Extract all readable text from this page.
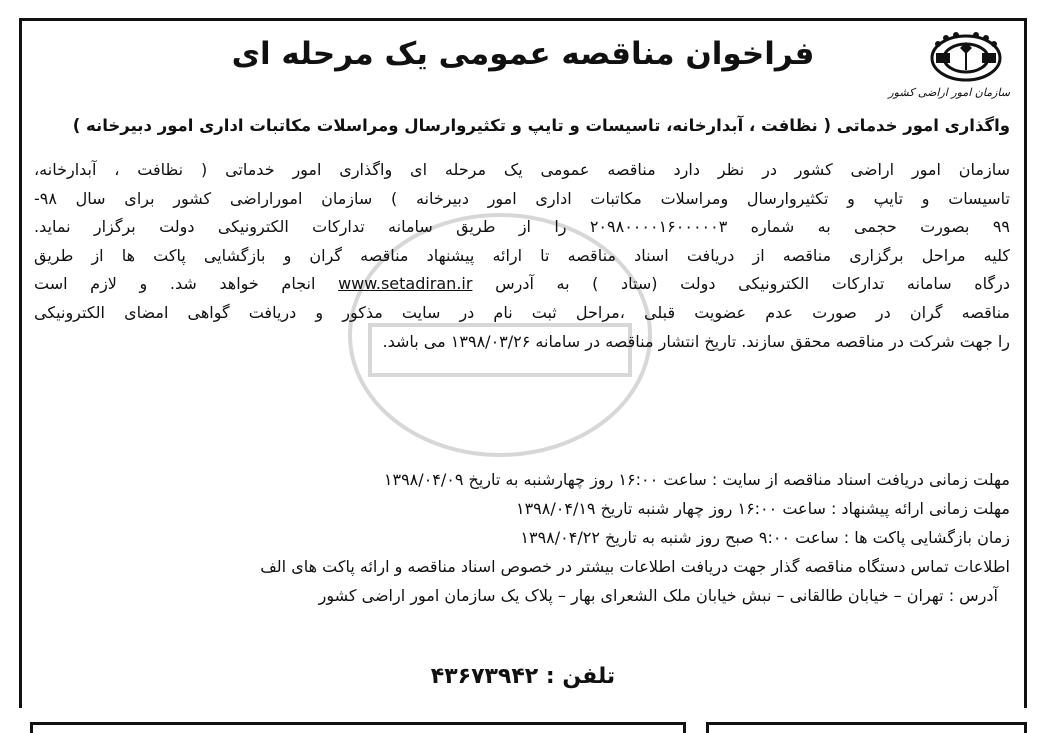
سازمان امور اراضی کشور
فراخوان مناقصه عمومی یک مرحله ای
واگذاری امور خدماتی ( نظافت ، آبدارخانه، تاسیسات و تایپ و تکثیروارسال ومراسلات مکاتبات اداری امور دبیرخانه )
سازمان امور اراضی کشور در نظر دارد مناقصه عمومی یک مرحله ای واگذاری امور خدماتی ( نظافت ، آبدارخانه،
تاسیسات و تایپ و تکثیروارسال ومراسلات مکاتبات اداری امور دبیرخانه ) سازمان اموراراضی کشور برای سال ۹۸-
۹۹ بصورت حجمی به شماره ۲۰۹۸۰۰۰۰۱۶۰۰۰۰۰۳ را از طریق سامانه تدارکات الکترونیکی دولت برگزار نماید.
کلیه مراحل برگزاری مناقصه از دریافت اسناد مناقصه تا ارائه پیشنهاد مناقصه گران و بازگشایی پاکت ها از طریق
درگاه سامانه تدارکات الکترونیکی دولت (ستاد ) به آدرس www.setadiran.ir انجام خواهد شد. و لازم است
مناقصه گران در صورت عدم عضویت قبلی ،مراحل ثبت نام در سایت مذکور و دریافت گواهی امضای الکترونیکی
را جهت شرکت در مناقصه محقق سازند. تاریخ انتشار مناقصه در سامانه ۱۳۹۸/۰۳/۲۶ می باشد.
مهلت زمانی دریافت اسناد مناقصه از سایت : ساعت ۱۶:۰۰ روز چهارشنبه به تاریخ ۱۳۹۸/۰۴/۰۹
مهلت زمانی ارائه پیشنهاد : ساعت ۱۶:۰۰ روز چهار شنبه تاریخ ۱۳۹۸/۰۴/۱۹
زمان بازگشایی پاکت ها : ساعت ۹:۰۰ صبح روز شنبه به تاریخ ۱۳۹۸/۰۴/۲۲
اطلاعات تماس دستگاه مناقصه گذار جهت دریافت اطلاعات بیشتر در خصوص اسناد مناقصه و ارائه پاکت های الف
آدرس : تهران – خیابان طالقانی – نبش خیابان ملک الشعرای بهار – پلاک یک سازمان امور اراضی کشور
تلفن : ۴۳۶۷۳۹۴۲
